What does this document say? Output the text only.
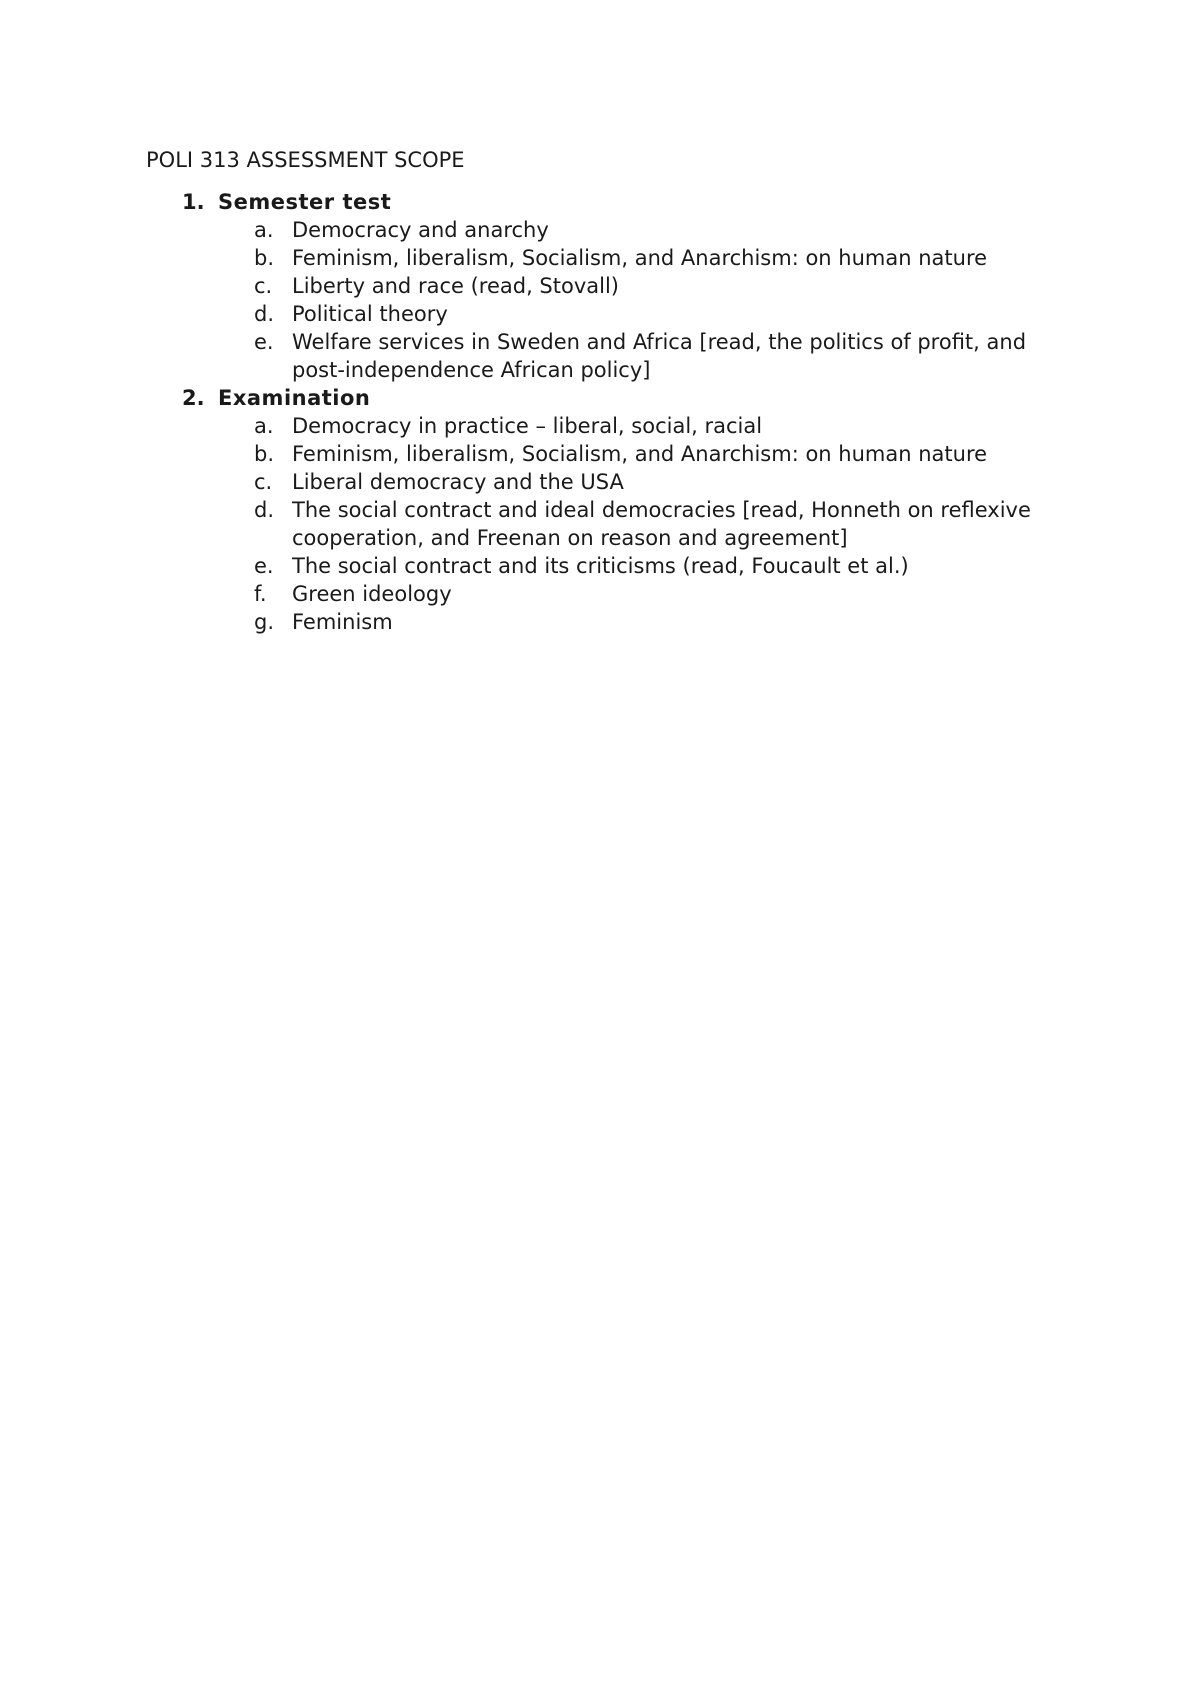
POLI 313 ASSESSMENT SCOPE
1. Semester test
a. Democracy and anarchy
b. Feminism, liberalism, Socialism, and Anarchism: on human nature
c. Liberty and race (read, Stovall)
d. Political theory
e. Welfare services in Sweden and Africa [read, the politics of profit, and post-independence African policy]
2. Examination
a. Democracy in practice – liberal, social, racial
b. Feminism, liberalism, Socialism, and Anarchism: on human nature
c. Liberal democracy and the USA
d. The social contract and ideal democracies [read, Honneth on reflexive cooperation, and Freenan on reason and agreement]
e. The social contract and its criticisms (read, Foucault et al.)
f. Green ideology
g. Feminism
